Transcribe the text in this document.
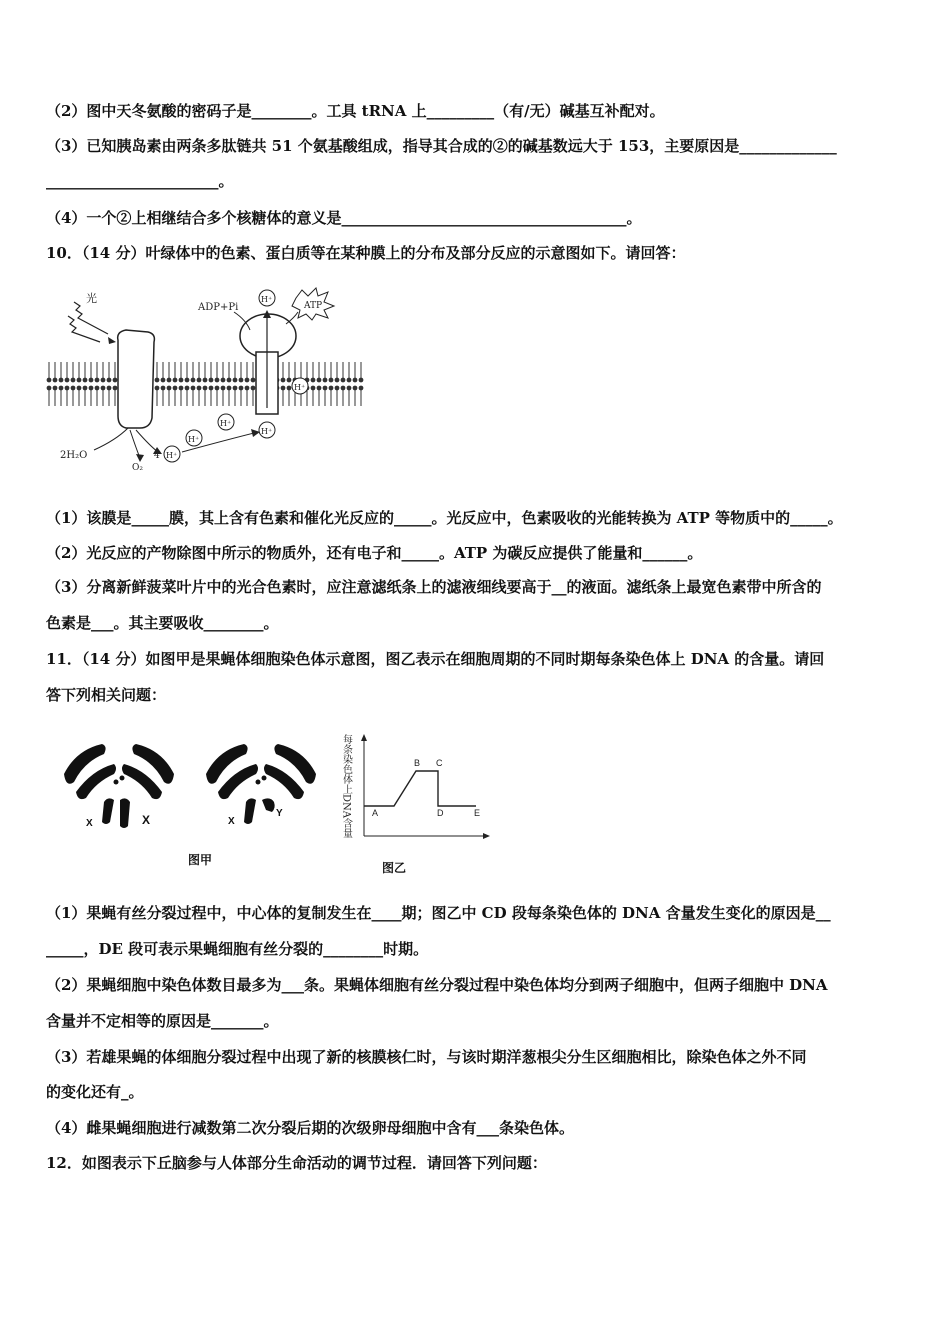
（2）图中天冬氨酸的密码子是________。工具 tRNA 上_________（有/无）碱基互补配对。
（3）已知胰岛素由两条多肽链共 51 个氨基酸组成，指导其合成的②的碱基数远大于 153，主要原因是_____________
_______________________。
（4）一个②上相继结合多个核糖体的意义是______________________________________。
10．（14 分）叶绿体中的色素、蛋白质等在某种膜上的分布及部分反应的示意图如下。请回答：
光
ADP+Pi
H⁺
ATP
H⁺
H⁺
H⁺
H⁺
H⁺
2H₂O
O₂
4
（1）该膜是_____膜，其上含有色素和催化光反应的_____。光反应中，色素吸收的光能转换为 ATP 等物质中的_____。
（2）光反应的产物除图中所示的物质外，还有电子和_____。ATP 为碳反应提供了能量和______。
（3）分离新鲜菠菜叶片中的光合色素时，应注意滤纸条上的滤液细线要高于__的液面。滤纸条上最宽色素带中所含的
色素是___。其主要吸收________。
11．（14 分）如图甲是果蝇体细胞染色体示意图，图乙表示在细胞周期的不同时期每条染色体上 DNA 的含量。请回
答下列相关问题：
X	X	X
Y
图甲
每条染色体上DNA含量 A
B C
D	E
图乙
（1）果蝇有丝分裂过程中，中心体的复制发生在____期；图乙中 CD 段每条染色体的 DNA 含量发生变化的原因是__
_____，DE 段可表示果蝇细胞有丝分裂的________时期。
（2）果蝇细胞中染色体数目最多为___条。果蝇体细胞有丝分裂过程中染色体均分到两子细胞中，但两子细胞中 DNA
含量并不定相等的原因是_______。
（3）若雄果蝇的体细胞分裂过程中出现了新的核膜核仁时，与该时期洋葱根尖分生区细胞相比，除染色体之外不同
的变化还有_。
（4）雌果蝇细胞进行减数第二次分裂后期的次级卵母细胞中含有___条染色体。
12．如图表示下丘脑参与人体部分生命活动的调节过程．请回答下列问题：
